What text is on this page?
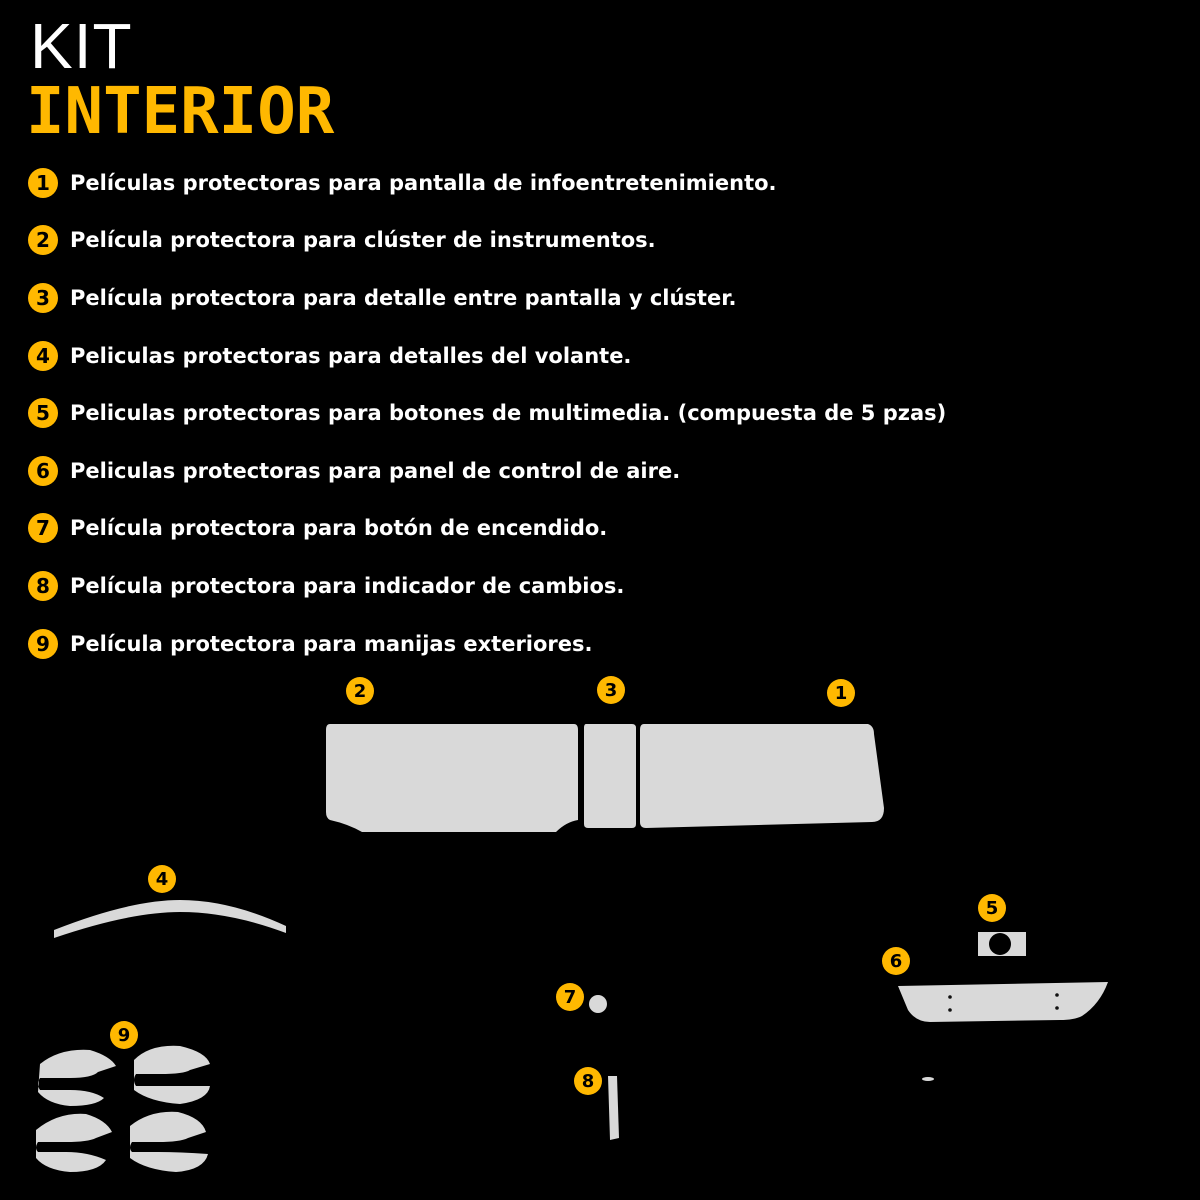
KIT
INTERIOR
1 Películas protectoras para pantalla de infoentretenimiento.
2 Película protectora para clúster de instrumentos.
3 Película protectora para detalle entre pantalla y clúster.
4 Peliculas protectoras para detalles del volante.
5 Peliculas protectoras para botones de multimedia. (compuesta de 5 pzas)
6 Peliculas protectoras para panel de control de aire.
7 Película protectora para botón de encendido.
8 Película protectora para indicador de cambios.
9 Película protectora para manijas exteriores.
2	3	1
4
5
6
7
8
9
